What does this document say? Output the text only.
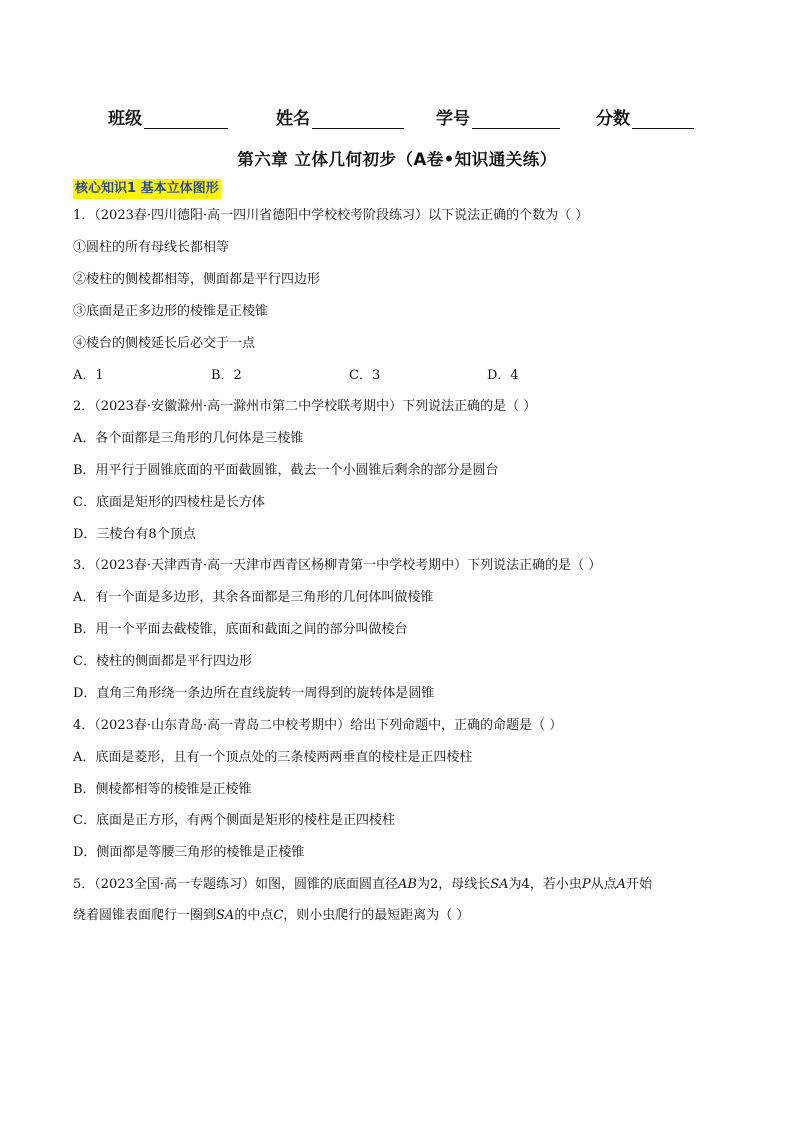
班级	姓名	学号	分数
第六章 立体几何初步（A卷•知识通关练）
核心知识1 基本立体图形
1．（2023春·四川德阳·高一四川省德阳中学校校考阶段练习）以下说法正确的个数为（ ）
①圆柱的所有母线长都相等
②棱柱的侧棱都相等，侧面都是平行四边形
③底面是正多边形的棱锥是正棱锥
④棱台的侧棱延长后必交于一点
A．1	B．2	C．3	D．4
2．（2023春·安徽滁州·高一滁州市第二中学校联考期中）下列说法正确的是（ ）
A．各个面都是三角形的几何体是三棱锥
B．用平行于圆锥底面的平面截圆锥，截去一个小圆锥后剩余的部分是圆台
C．底面是矩形的四棱柱是长方体
D．三棱台有8个顶点
3．（2023春·天津西青·高一天津市西青区杨柳青第一中学校考期中）下列说法正确的是（ ）
A．有一个面是多边形，其余各面都是三角形的几何体叫做棱锥
B．用一个平面去截棱锥，底面和截面之间的部分叫做棱台
C．棱柱的侧面都是平行四边形
D．直角三角形绕一条边所在直线旋转一周得到的旋转体是圆锥
4．（2023春·山东青岛·高一青岛二中校考期中）给出下列命题中，正确的命题是（ ）
A．底面是菱形，且有一个顶点处的三条棱两两垂直的棱柱是正四棱柱
B．侧棱都相等的棱锥是正棱锥
C．底面是正方形，有两个侧面是矩形的棱柱是正四棱柱
D．侧面都是等腰三角形的棱锥是正棱锥
5．（2023全国·高一专题练习）如图，圆锥的底面圆直径AB为2，母线长SA为4，若小虫P从点A开始
绕着圆锥表面爬行一圈到SA的中点C，则小虫爬行的最短距离为（ ）
